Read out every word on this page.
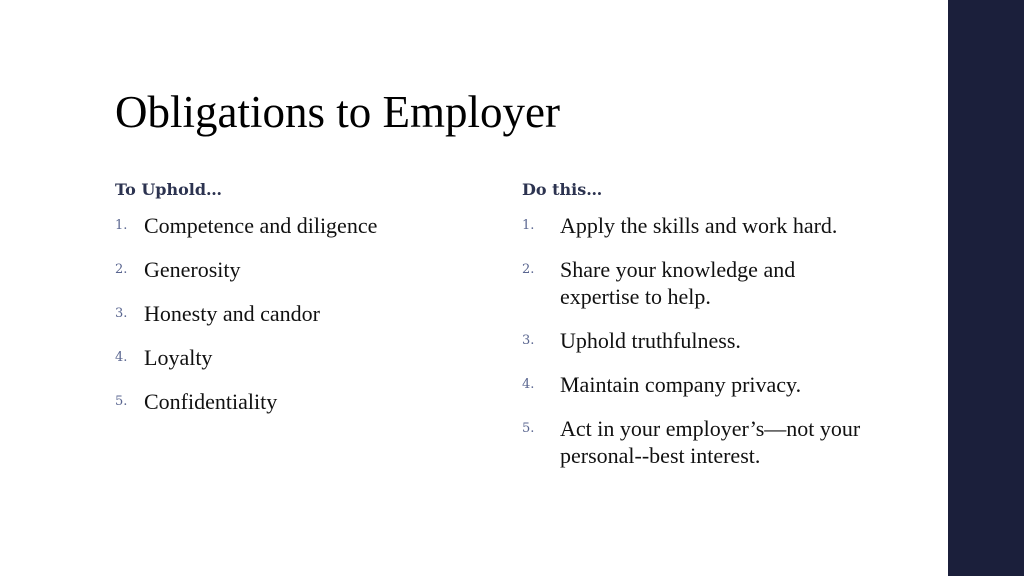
Obligations to Employer
To Uphold…
1. Competence and diligence
2. Generosity
3. Honesty and candor
4. Loyalty
5. Confidentiality
Do this…
1.	Apply the skills and work hard.
2.	Share your knowledge and expertise to help.
3.	Uphold truthfulness.
4.	Maintain company privacy.
5.	Act in your employer’s—not your personal--best interest.
